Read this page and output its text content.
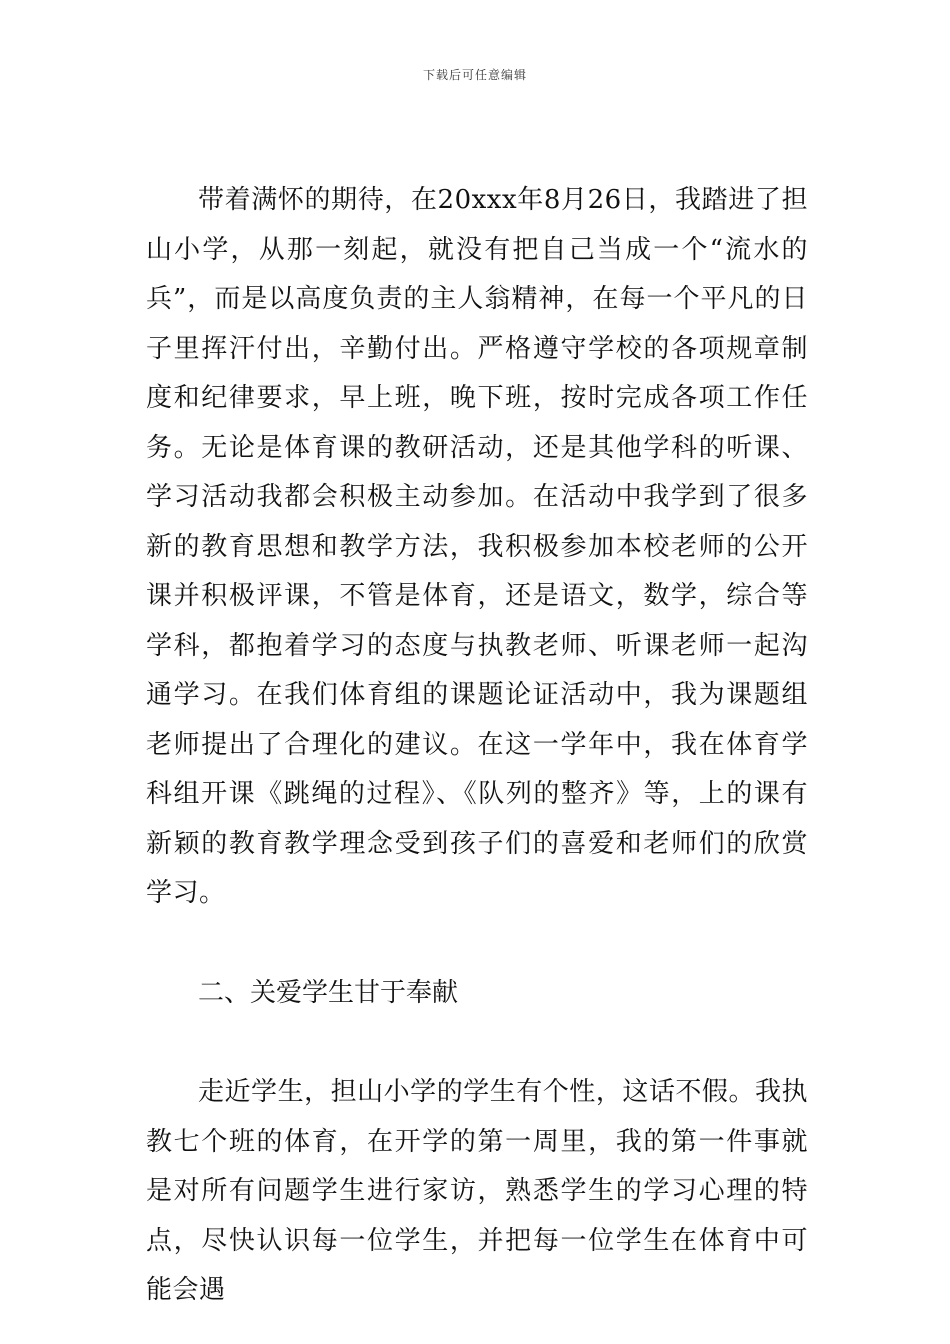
下载后可任意编辑

带着满怀的期待，在20xxx年8月26日，我踏进了担山小学，从那一刻起，就没有把自己当成一个“流水的兵”，而是以高度负责的主人翁精神，在每一个平凡的日子里挥汗付出，辛勤付出。严格遵守学校的各项规章制度和纪律要求，早上班，晚下班，按时完成各项工作任务。无论是体育课的教研活动，还是其他学科的听课、学习活动我都会积极主动参加。在活动中我学到了很多新的教育思想和教学方法，我积极参加本校老师的公开课并积极评课，不管是体育，还是语文，数学，综合等学科，都抱着学习的态度与执教老师、听课老师一起沟通学习。在我们体育组的课题论证活动中，我为课题组老师提出了合理化的建议。在这一学年中，我在体育学科组开课《跳绳的过程》、《队列的整齐》等，上的课有新颖的教育教学理念受到孩子们的喜爱和老师们的欣赏学习。

二、关爱学生甘于奉献

走近学生，担山小学的学生有个性，这话不假。我执教七个班的体育，在开学的第一周里，我的第一件事就是对所有问题学生进行家访，熟悉学生的学习心理的特点，尽快认识每一位学生，并把每一位学生在体育中可能会遇
